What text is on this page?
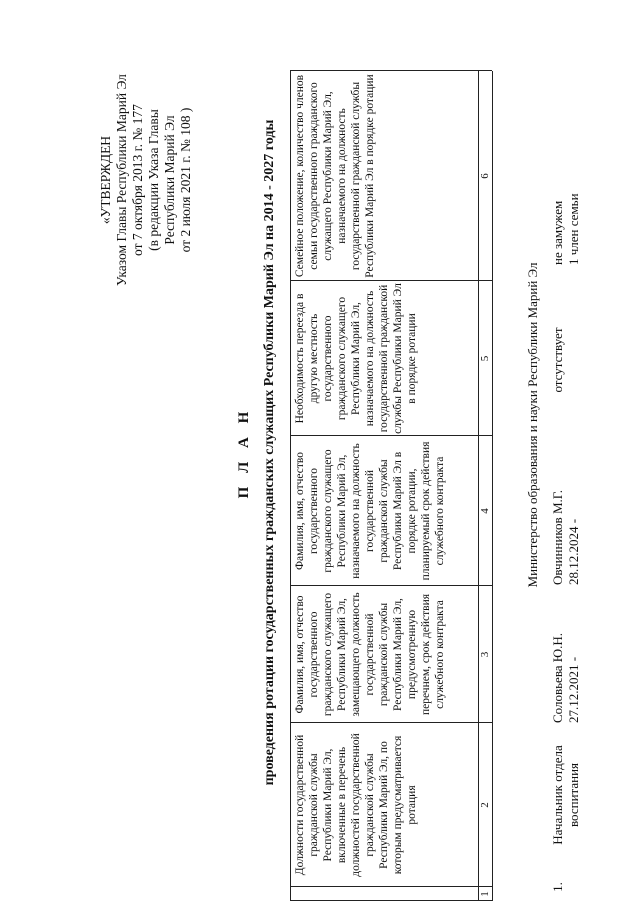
«УТВЕРЖДЕН Указом Главы Республики Марий Эл от 7 октября 2013 г. № 177 (в редакции Указа Главы Республики Марий Эл от 2 июля 2021 г. № 108 )
П Л А Н проведения ротации государственных гражданских служащих Республики Марий Эл на 2014 - 2027 годы
Должности государственной гражданской службы Республики Марий Эл, включенные в перечень должностей государственной гражданской службы Республики Марий Эл, по которым предусматривается ротация
Фамилия, имя, отчество государственного гражданского служащего Республики Марий Эл, замещающего должность государственной гражданской службы Республики Марий Эл, предусмотренную перечнем, срок действия служебного контракта
Фамилия, имя, отчество государственного гражданского служащего Республики Марий Эл, назначаемого на должность государственной гражданской службы Республики Марий Эл в порядке ротации, планируемый срок действия служебного контракта
Необходимость переезда в другую местность государственного гражданского служащего Республики Марий Эл, назначаемого на должность государственной гражданской службы Республики Марий Эл в порядке ротации
Семейное положение, количество членов семьи государственного гражданского служащего Республики Марий Эл, назначаемого на должность государственной гражданской службы Республики Марий Эл в порядке ротации
1
2
3
4
5
6
Министерство образования и науки Республики Марий Эл
1.
Начальник отдела воспитания
Соловьева Ю.Н. 27.12.2021 -
Овчинников М.Г. 28.12.2024 -
отсутствует
не замужем 1 член семьи
